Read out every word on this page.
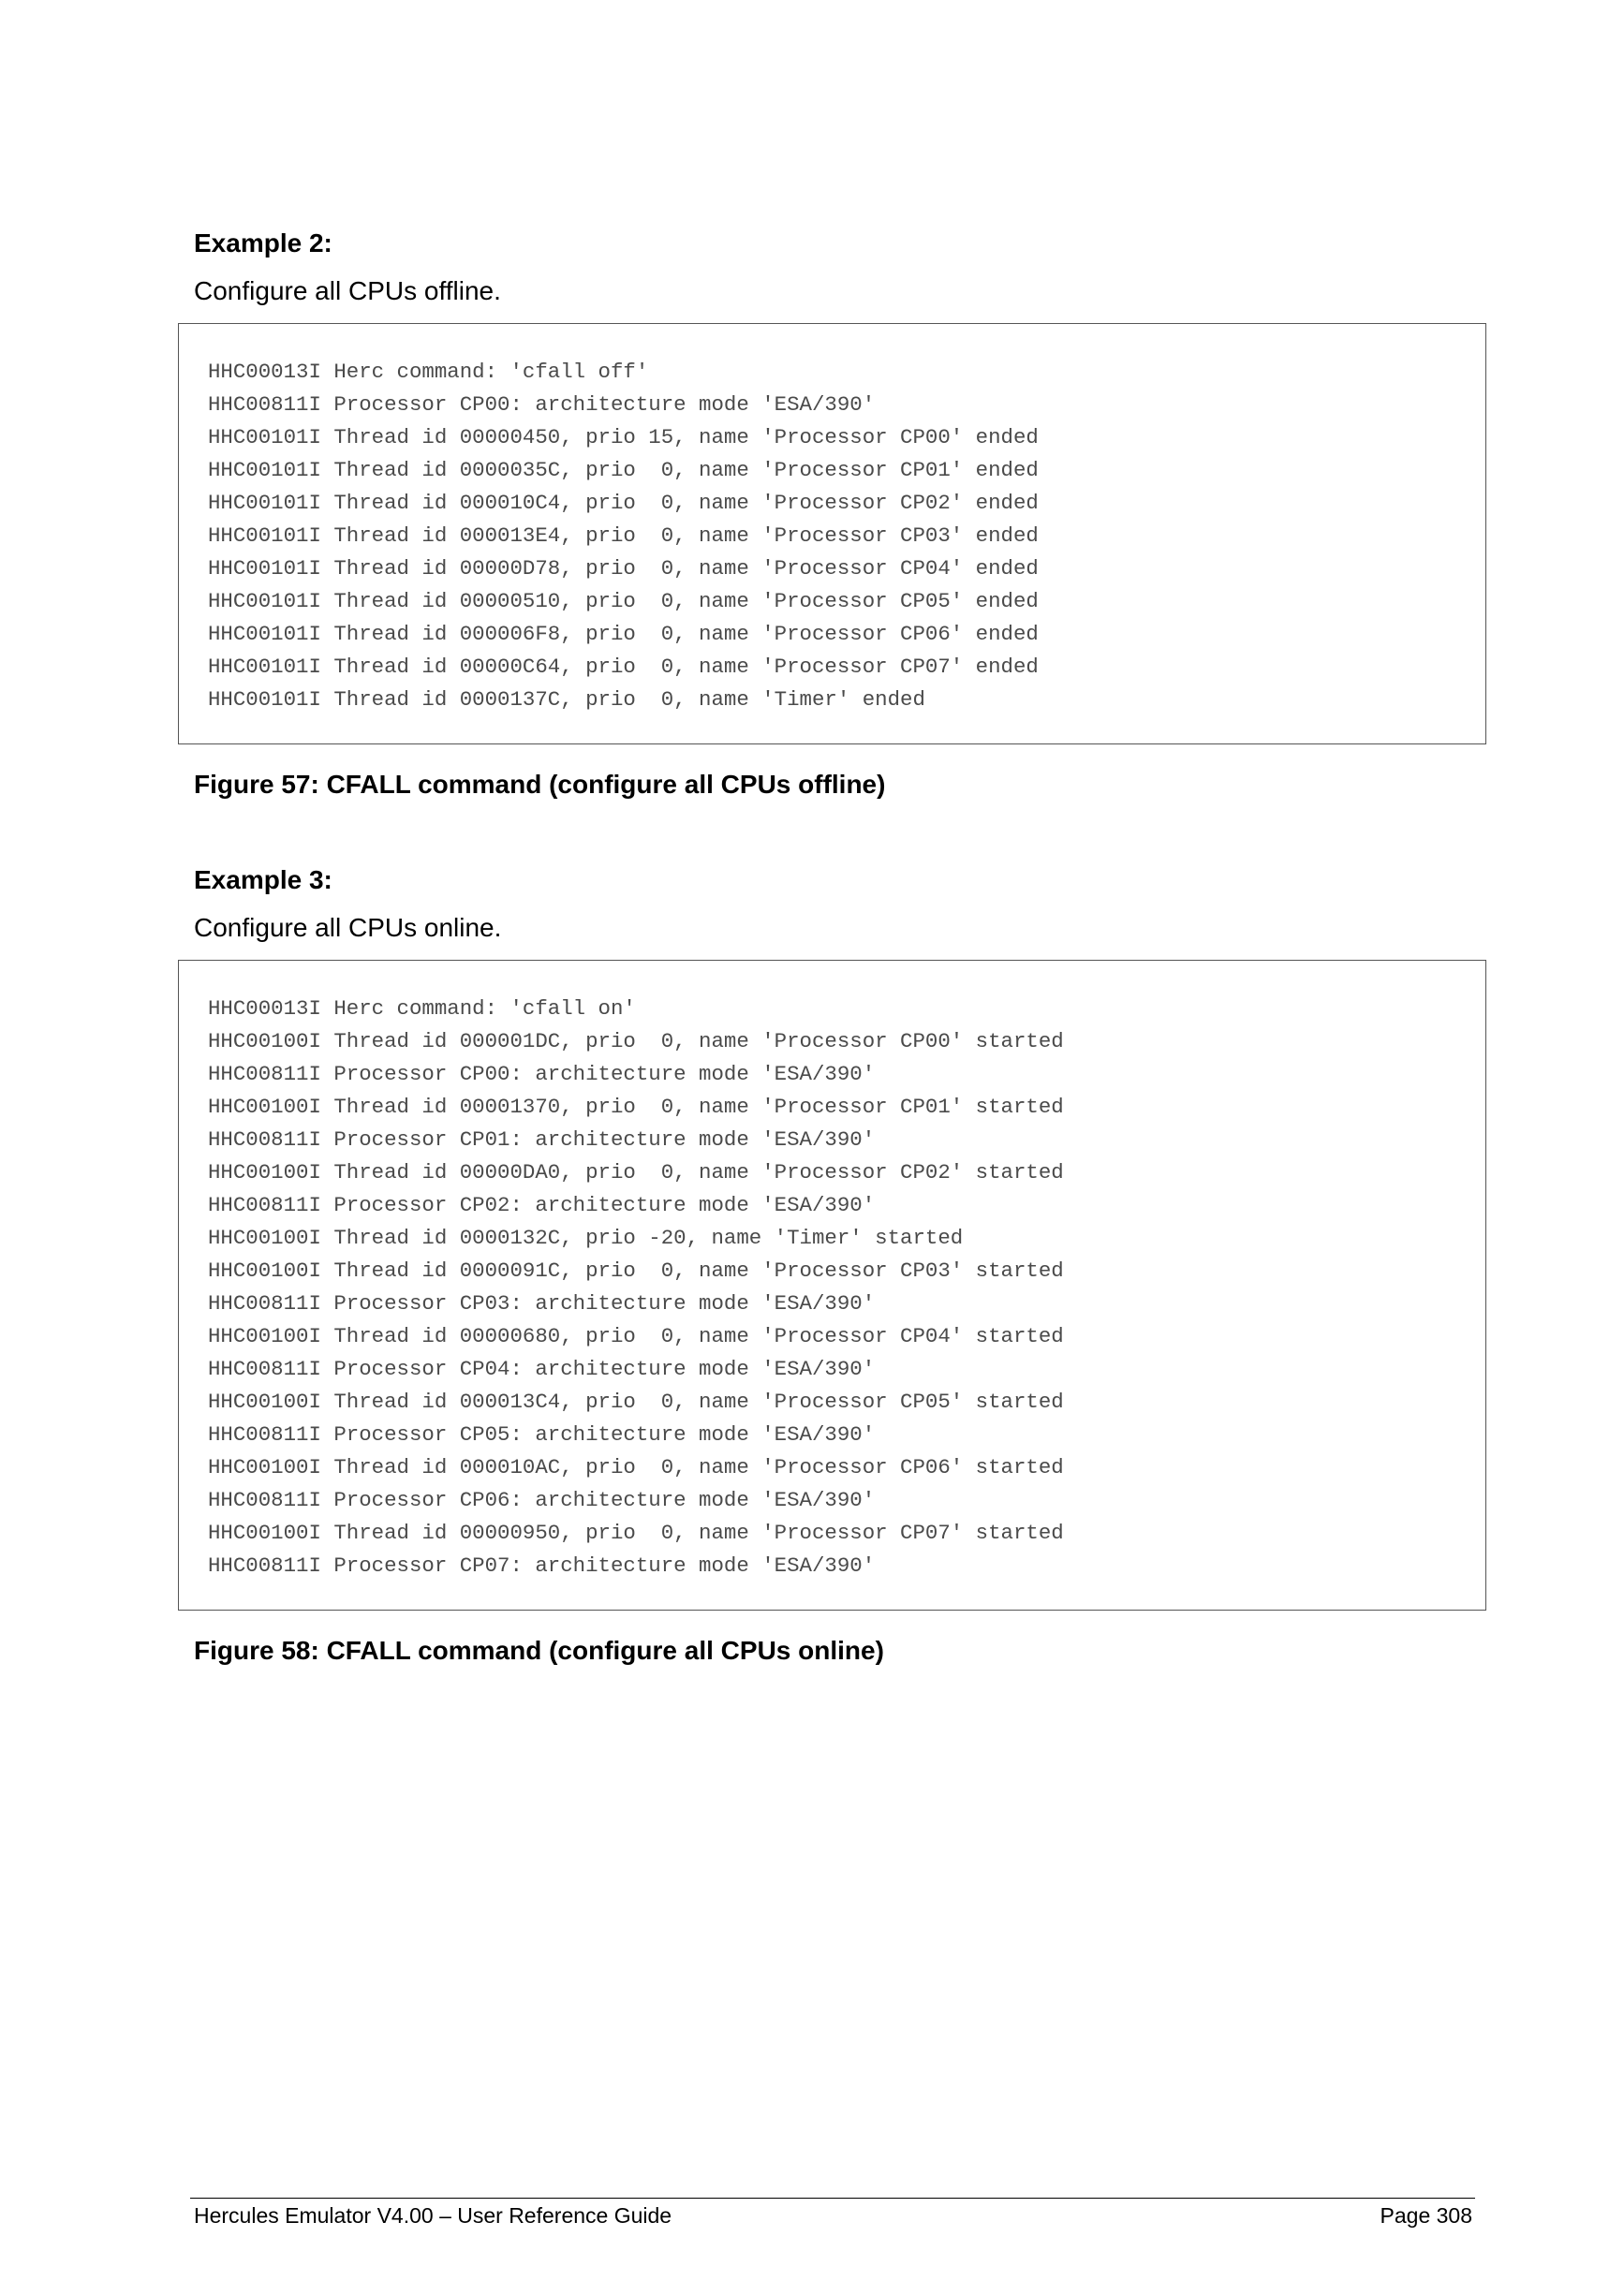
Example 2:

Configure all CPUs offline.

HHC00013I Herc command: 'cfall off'
HHC00811I Processor CP00: architecture mode 'ESA/390'
HHC00101I Thread id 00000450, prio 15, name 'Processor CP00' ended
HHC00101I Thread id 0000035C, prio  0, name 'Processor CP01' ended
HHC00101I Thread id 000010C4, prio  0, name 'Processor CP02' ended
HHC00101I Thread id 000013E4, prio  0, name 'Processor CP03' ended
HHC00101I Thread id 00000D78, prio  0, name 'Processor CP04' ended
HHC00101I Thread id 00000510, prio  0, name 'Processor CP05' ended
HHC00101I Thread id 000006F8, prio  0, name 'Processor CP06' ended
HHC00101I Thread id 00000C64, prio  0, name 'Processor CP07' ended
HHC00101I Thread id 0000137C, prio  0, name 'Timer' ended

Figure 57: CFALL command (configure all CPUs offline)

Example 3:

Configure all CPUs online.

HHC00013I Herc command: 'cfall on'
HHC00100I Thread id 000001DC, prio  0, name 'Processor CP00' started
HHC00811I Processor CP00: architecture mode 'ESA/390'
HHC00100I Thread id 00001370, prio  0, name 'Processor CP01' started
HHC00811I Processor CP01: architecture mode 'ESA/390'
HHC00100I Thread id 00000DA0, prio  0, name 'Processor CP02' started
HHC00811I Processor CP02: architecture mode 'ESA/390'
HHC00100I Thread id 0000132C, prio -20, name 'Timer' started
HHC00100I Thread id 0000091C, prio  0, name 'Processor CP03' started
HHC00811I Processor CP03: architecture mode 'ESA/390'
HHC00100I Thread id 00000680, prio  0, name 'Processor CP04' started
HHC00811I Processor CP04: architecture mode 'ESA/390'
HHC00100I Thread id 000013C4, prio  0, name 'Processor CP05' started
HHC00811I Processor CP05: architecture mode 'ESA/390'
HHC00100I Thread id 000010AC, prio  0, name 'Processor CP06' started
HHC00811I Processor CP06: architecture mode 'ESA/390'
HHC00100I Thread id 00000950, prio  0, name 'Processor CP07' started
HHC00811I Processor CP07: architecture mode 'ESA/390'

Figure 58: CFALL command (configure all CPUs online)

Hercules Emulator V4.00 – User Reference Guide	Page 308
